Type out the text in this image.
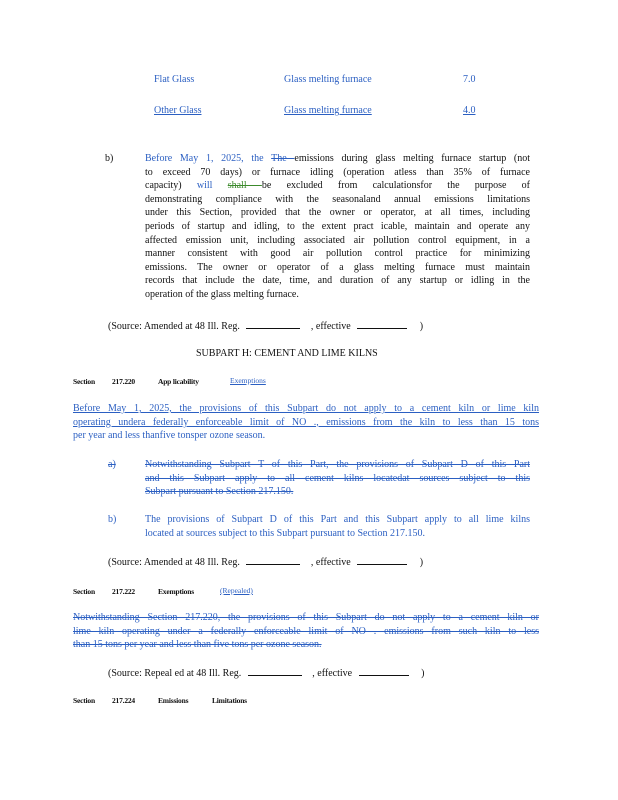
Flat Glass	Glass melting furnace	7.0
Other Glass	Glass melting furnace	4.0
b)	Before May 1, 2025, the The emissions during glass melting furnace startup (not
to exceed 70 days) or furnace idling (operation atless than 35% of furnace
capacity) will shall be excluded from calculationsfor the purpose of
demonstrating compliance with the seasonaland annual emissions limitations
under this Section, provided that the owner or operator, at all times, including
periods of startup and idling, to the extent pract icable, maintain and operate any
affected emission unit, including associated air pollution control equipment, in a
manner consistent with good air pollution control practice for minimizing
emissions. The owner or operator of a glass melting furnace must maintain
records that include the date, time, and duration of any startup or idling in the
operation of the glass melting furnace.
(Source: Amended at 48 Ill. Reg.	, effective	)
SUBPART H: CEMENT AND LIME KILNS
Section 217.220	App licability	Exemptions
Before May 1, 2025, the provisions of this Subpart do not apply to a cement kiln or lime kiln
operating undera federally enforceable limit of NO ., emissions from the kiln to less than 15 tons
per year and less thanfive tonsper ozone season.
a)	Notwithstanding Subpart T of this Part, the provisions of Subpart D of this Part
and this Subpart apply to all cement kilns locatedat sources subject to this
Subpart pursuant to Section 217.150.
b)	The provisions of Subpart D of this Part and this Subpart apply to all lime kilns
located at sources subject to this Subpart pursuant to Section 217.150.
(Source: Amended at 48 Ill. Reg.	, effective	)
Section 217.222	Exemptions	(Repealed)
Notwithstanding Section 217.220, the provisions of this Subpart do not apply to a cement kiln or
lime kiln operating under a federally enforceable limit of NO . emissions from such kiln to less
than 15 tons per year and less than five tons per ozone season.
(Source: Repeal ed at 48 Ill. Reg.	, effective	)
Section 217.224	Emissions	Limitations
